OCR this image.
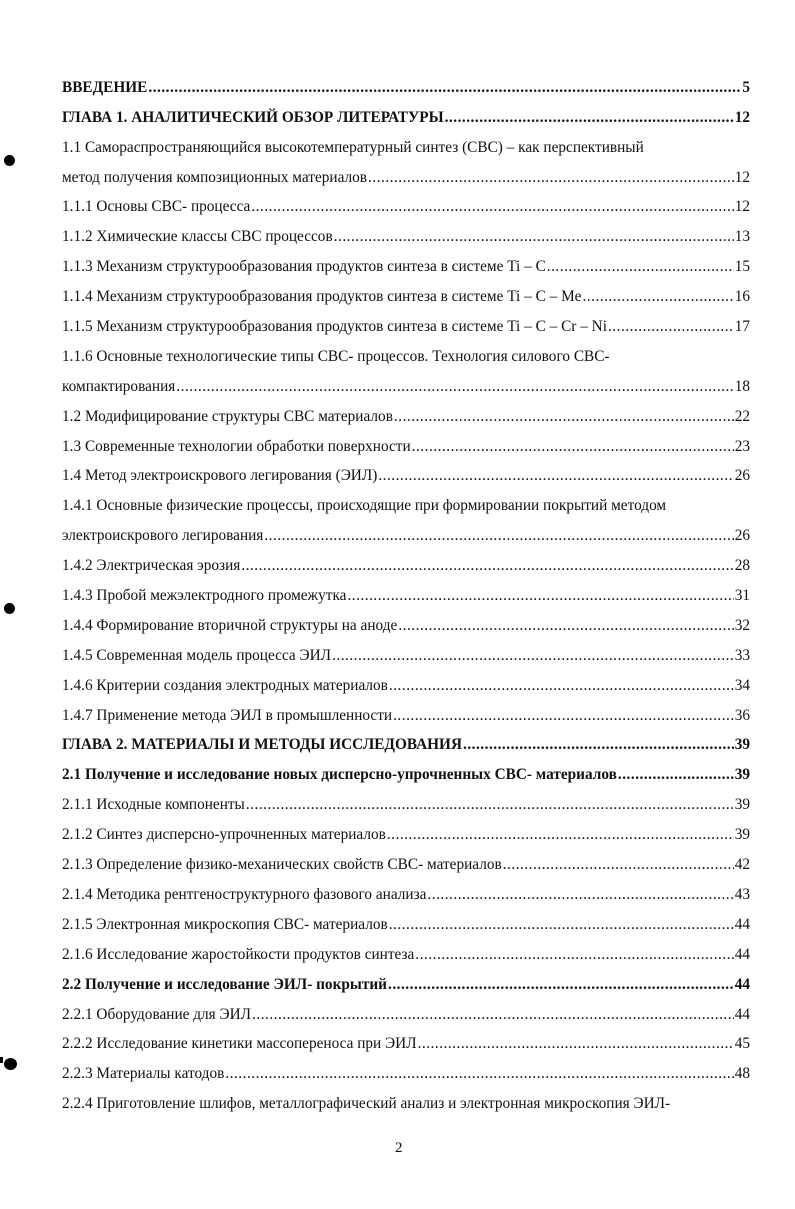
ВВЕДЕНИЕ .....	5
ГЛАВА 1. АНАЛИТИЧЕСКИЙ ОБЗОР ЛИТЕРАТУРЫ .....	12
1.1 Самораспространяющийся высокотемпературный синтез (СВС) – как перспективный
метод получения композиционных материалов .....	12
1.1.1 Основы СВС- процесса .....	12
1.1.2 Химические классы СВС процессов .....	13
1.1.3 Механизм структурообразования продуктов синтеза в системе Ti – C .....	15
1.1.4 Механизм структурообразования продуктов синтеза в системе Ti – C – Me .....	16
1.1.5 Механизм структурообразования продуктов синтеза в системе Ti – C – Cr – Ni .....	17
1.1.6 Основные технологические типы СВС- процессов. Технология силового СВС-
компактирования .....	18
1.2 Модифицирование структуры СВС материалов .....	22
1.3 Современные технологии обработки поверхности .....	23
1.4 Метод электроискрового легирования (ЭИЛ) .....	26
1.4.1 Основные физические процессы, происходящие при формировании покрытий методом
электроискрового легирования .....	26
1.4.2 Электрическая эрозия .....	28
1.4.3 Пробой межэлектродного промежутка .....	31
1.4.4 Формирование вторичной структуры на аноде .....	32
1.4.5 Современная модель процесса ЭИЛ .....	33
1.4.6 Критерии создания электродных материалов .....	34
1.4.7 Применение метода ЭИЛ в промышленности .....	36
ГЛАВА 2. МАТЕРИАЛЫ И МЕТОДЫ ИССЛЕДОВАНИЯ .....	39
2.1 Получение и исследование новых дисперсно-упрочненных СВС- материалов .....	39
2.1.1 Исходные компоненты .....	39
2.1.2 Синтез дисперсно-упрочненных материалов .....	39
2.1.3 Определение физико-механических свойств СВС- материалов .....	42
2.1.4 Методика рентгеноструктурного фазового анализа .....	43
2.1.5 Электронная микроскопия СВС- материалов .....	44
2.1.6 Исследование жаростойкости продуктов синтеза .....	44
2.2 Получение и исследование ЭИЛ- покрытий .....	44
2.2.1 Оборудование для ЭИЛ .....	44
2.2.2 Исследование кинетики массопереноса при ЭИЛ .....	45
2.2.3 Материалы катодов .....	48
2.2.4 Приготовление шлифов, металлографический анализ и электронная микроскопия ЭИЛ-
2
